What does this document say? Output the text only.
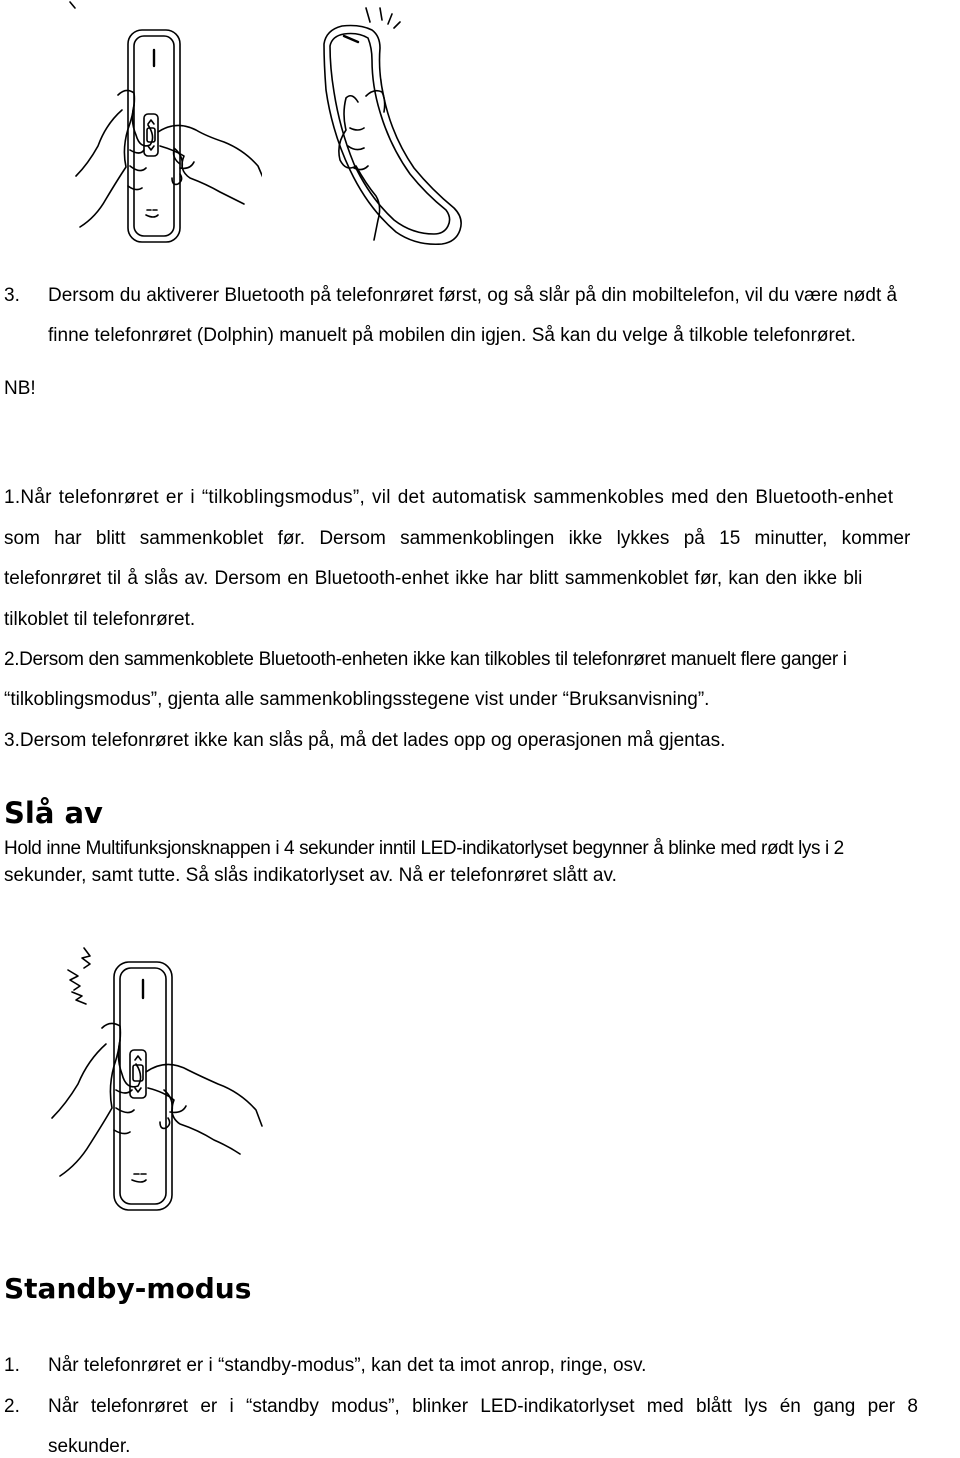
3. Dersom du aktiverer Bluetooth på telefonrøret først, og så slår på din mobiltelefon, vil du være nødt å
finne telefonrøret (Dolphin) manuelt på mobilen din igjen. Så kan du velge å tilkoble telefonrøret.
NB!
1.Når telefonrøret er i “tilkoblingsmodus”, vil det automatisk sammenkobles med den Bluetooth-enhet
som har blitt sammenkoblet før. Dersom sammenkoblingen ikke lykkes på 15 minutter, kommer
telefonrøret til å slås av. Dersom en Bluetooth-enhet ikke har blitt sammenkoblet før, kan den ikke bli
tilkoblet til telefonrøret.
2.Dersom den sammenkoblete Bluetooth-enheten ikke kan tilkobles til telefonrøret manuelt flere ganger i
“tilkoblingsmodus”, gjenta alle sammenkoblingsstegene vist under “Bruksanvisning”.
3.Dersom telefonrøret ikke kan slås på, må det lades opp og operasjonen må gjentas.
Slå av
Hold inne Multifunksjonsknappen i 4 sekunder inntil LED-indikatorlyset begynner å blinke med rødt lys i 2
sekunder, samt tutte. Så slås indikatorlyset av. Nå er telefonrøret slått av.
Standby-modus
1. Når telefonrøret er i “standby-modus”, kan det ta imot anrop, ringe, osv.
2. Når telefonrøret er i “standby modus”, blinker LED-indikatorlyset med blått lys én gang per 8
sekunder.
